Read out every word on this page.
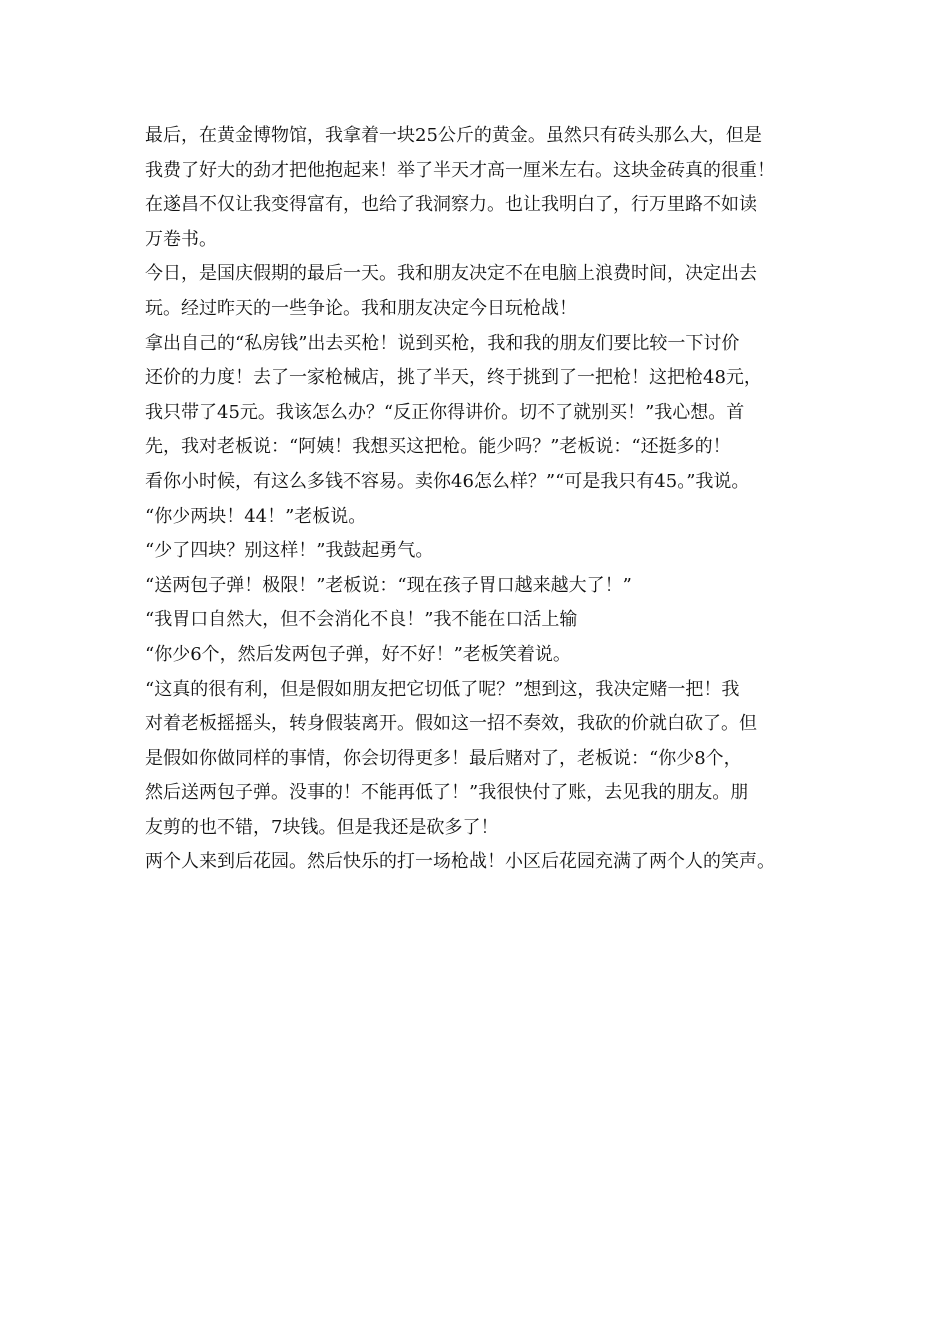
最后，在黄金博物馆，我拿着一块25公斤的黄金。虽然只有砖头那么大，但是
我费了好大的劲才把他抱起来！举了半天才高一厘米左右。这块金砖真的很重！
在遂昌不仅让我变得富有，也给了我洞察力。也让我明白了，行万里路不如读
万卷书。
今日，是国庆假期的最后一天。我和朋友决定不在电脑上浪费时间，决定出去
玩。经过昨天的一些争论。我和朋友决定今日玩枪战！
拿出自己的“私房钱”出去买枪！说到买枪，我和我的朋友们要比较一下讨价
还价的力度！去了一家枪械店，挑了半天，终于挑到了一把枪！这把枪48元，
我只带了45元。我该怎么办？“反正你得讲价。切不了就别买！”我心想。首
先，我对老板说：“阿姨！我想买这把枪。能少吗？”老板说：“还挺多的！
看你小时候，有这么多钱不容易。卖你46怎么样？”“可是我只有45。”我说。
“你少两块！44！”老板说。
“少了四块？别这样！”我鼓起勇气。
“送两包子弹！极限！”老板说：“现在孩子胃口越来越大了！”
“我胃口自然大，但不会消化不良！”我不能在口活上输
“你少6个，然后发两包子弹，好不好！”老板笑着说。
“这真的很有利，但是假如朋友把它切低了呢？”想到这，我决定赌一把！我
对着老板摇摇头，转身假装离开。假如这一招不奏效，我砍的价就白砍了。但
是假如你做同样的事情，你会切得更多！最后赌对了，老板说：“你少8个，
然后送两包子弹。没事的！不能再低了！”我很快付了账，去见我的朋友。朋
友剪的也不错，7块钱。但是我还是砍多了！
两个人来到后花园。然后快乐的打一场枪战！小区后花园充满了两个人的笑声。
